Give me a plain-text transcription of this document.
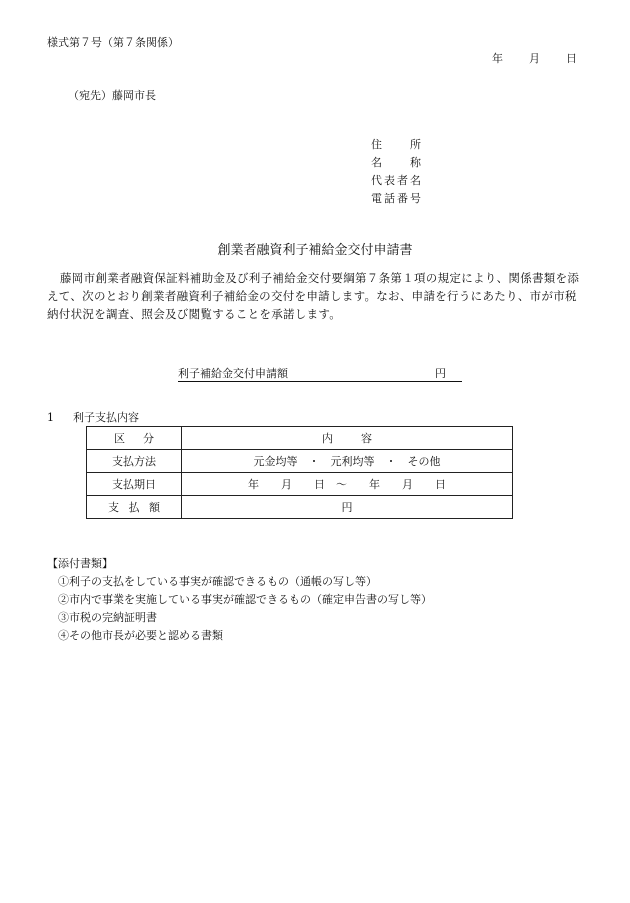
様式第７号（第７条関係）
年 月 日
（宛先）藤岡市長
住所
名称
代表者名
電話番号
創業者融資利子補給金交付申請書
藤岡市創業者融資保証料補助金及び利子補給金交付要綱第７条第１項の規定により、関係書類を添えて、次のとおり創業者融資利子補給金の交付を申請します。なお、申請を行うにあたり、市が市税納付状況を調査、照会及び閲覧することを承諾します。
利子補給金交付申請額	円

1 利子支払内容
区分	内容
支払方法	元金均等　・　元利均等　・　その他
支払期日	年　　月　　日　～　　年　　月　　日
支払額	円
【添付書類】
①利子の支払をしている事実が確認できるもの（通帳の写し等）
②市内で事業を実施している事実が確認できるもの（確定申告書の写し等）
③市税の完納証明書
④その他市長が必要と認める書類
